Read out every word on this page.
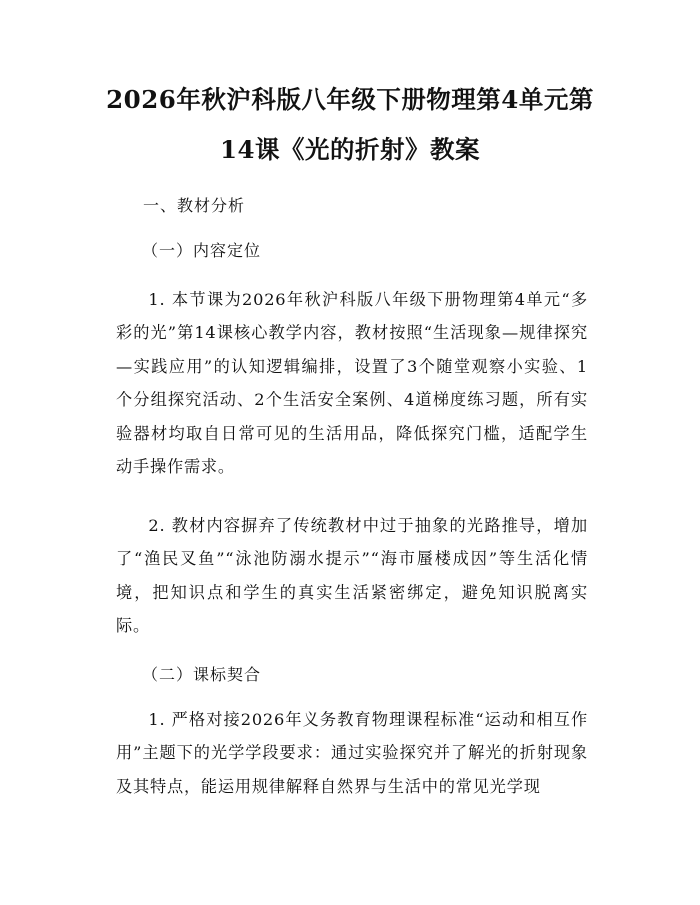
2026年秋沪科版八年级下册物理第4单元第
14课《光的折射》教案
一、教材分析
（一）内容定位

1. 本节课为2026年秋沪科版八年级下册物理第4单元“多彩的光”第14课核心教学内容，教材按照“生活现象—规律探究—实践应用”的认知逻辑编排，设置了3个随堂观察小实验、1个分组探究活动、2个生活安全案例、4道梯度练习题，所有实验器材均取自日常可见的生活用品，降低探究门槛，适配学生动手操作需求。

2. 教材内容摒弃了传统教材中过于抽象的光路推导，增加了“渔民叉鱼”“泳池防溺水提示”“海市蜃楼成因”等生活化情境，把知识点和学生的真实生活紧密绑定，避免知识脱离实际。

（二）课标契合

1. 严格对接2026年义务教育物理课程标准“运动和相互作用”主题下的光学学段要求：通过实验探究并了解光的折射现象及其特点，能运用规律解释自然界与生活中的常见光学现
